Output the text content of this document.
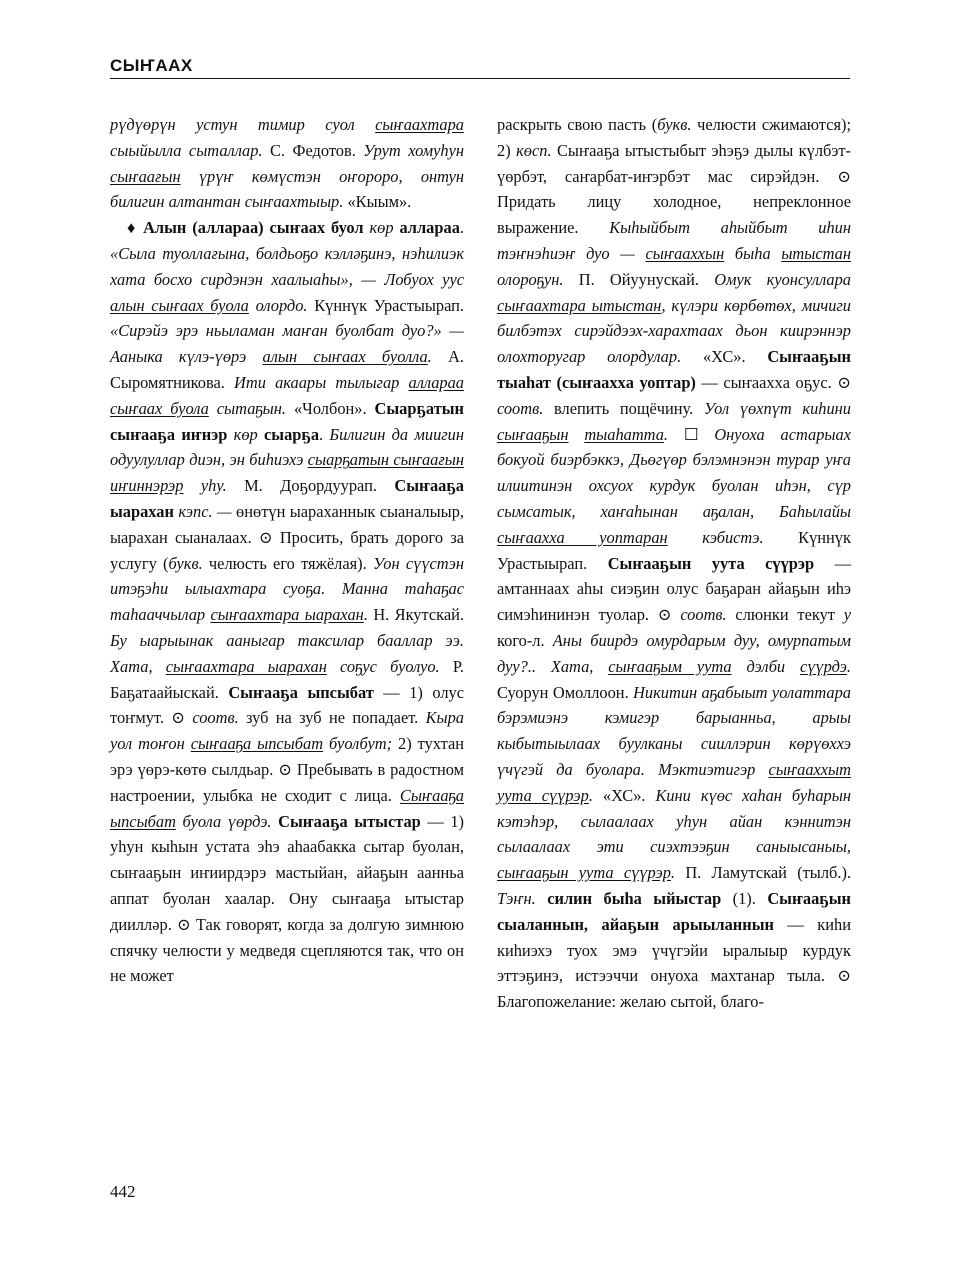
СЫҤААХ

рүдүөрүн устун тимир суол сыҥаахтара сыыйылла сыталлар. С. Федотов. Урут хомуһун сыҥаағын үрүҥ көмүстэн оҥороро, онтун билигин алтантан сыҥаахтыыр. «Кыым».

♦ Алын (алларaa) сыҥаах буол көр алларaa. «Сыла туоллағына, болдьоҕо кэлләҕинэ, нэһилиэк хата босхо сирдэнэн хаалыаhы», — Лобуох уус алын сыҥаах буола олордо. Күннүк Урастыырап. «Сирэйэ эрэ ньыламан маҥан буолбат дуо?» — Ааныка күлэ-үөрэ алын сыҥаах буолла. А. Сыромятникова. Ити акаары тылыгар алларaa сыҥаах буола сытаҕын. «Чолбон». Сыарҕатын сыҥааҕа иҥнэр көр сыарҕа. Билигин да миигин одуулуллар диэн, эн биһиэхэ сыарҕатын сыҥаағын иҥиннэрэр уһу. М. Доҕордуурап. Сыҥааҕа ыарахан кэпс. — өнөтүн ыараханнык сыаналыыр, ыарахан сыаналаах. ⊙ Просить, брать дорого за услугу (букв. челюсть его тяжёлая). Уон сүүстэн итэҕэһи ылыахтара суоҕа. Манна таһаҕас таһааччылар сыҥаахтара ыарахан. Н. Якутскай. Бу ыарыынак ааныгар таксилар бааллар ээ. Хата, сыҥаахтара ыарахан соҕус буолуо. Р. Баҕатаайыскай. Сыҥааҕа ыпсыбат — 1) олус тоҥмут. ⊙ соотв. зуб на зуб не попадает. Кыра уол тоҥон сыҥааҕа ыпсыбат буолбут; 2) тухтан эрэ үөрэ-көтө сылдьар. ⊙ Пребывать в радостном настроении, улыбка не сходит с лица. Сыҥааҕа ыпсыбат буола үөрдэ. Сыҥааҕа ытыстар — 1) уһун кыһын устата эһэ аһаабакка сытар буолан, сыҥааҕын иҥиирдэрэ мастыйан, айаҕын аанньа аппат буолан хаалар. Ону сыҥааҕа ытыстар диилләр. ⊙ Так говорят, когда за долгую зимнюю спячку челюсти у медведя сцепляются так, что он не может

раскрыть свою пасть (букв. челюсти сжимаются); 2) көсп. Сыҥааҕа ытыстыбыт эһэҕэ дылы күлбэт-үөрбэт, саҥарбат-иҥэрбэт мас сирэйдэн. ⊙ Придать лицу холодное, непреклонное выражение. Кыһыйбыт аһыйбыт иһин тэҥнэһиэҥ дуо — сыҥааххын быһа ытыстан олороҕун. П. Ойуунускай. Омук куонсуллара сыҥаахтара ытыстан, күлэри көрбөтөх, мичиги билбэтэх сирэйдээх-харахтаах дьон киирэннэр олохторугар олордулар. «ХС». Сыҥааҕын тыаһат (сыҥааххa уоптар) — сыҥааххa оҕус. ⊙ соотв. влепить пощёчину. Уол үөхпүт киһини сыҥааҕын тыаһатта. ☐ Онуоха астарыах бокуой биэрбэккэ, Дьөгүөр бэлэмнэнэн турар уҥа илиитинэн охсуох курдук буолан иһэн, сүр сымсатык, хаҥаһынан аҕалан, Баһылайы сыҥааххa уоптаран кэбистэ. Күннүк Урастыырап. Сыҥааҕын уута сүүрэр — амтаннаах аһы сиэҕин олус баҕаран айаҕын иһэ симэһининэн туолар. ⊙ соотв. слюнки текут у кого-л. Аны биирдэ омурдарым дуу, омурпатым дуу?.. Хата, сыҥааҕым уута дэлби сүүрдэ. Суорун Омоллоон. Никитин аҕабыыт уолаттара бэрэмиэнэ кэмигэр барыанньа, арыы кыбытыылаах буулканы сииллэрин көрүөххэ үчүгэй да буолара. Мэктиэтигэр сыҥааххыт уута сүүрэр. «ХС». Кини күөс хаһан буһарын кэтэһэр, сылаалаах уһун айан кэннитэн сылаалаах эти сиэхтээҕин саныысаныы, сыҥааҕын уута сүүрэр. П. Ламутскай (тылб.). Тэҥн. силин быһа ыйыстар (1). Сыҥааҕын сыаланнын, айаҕын арыыланнын — киһи киһиэхэ туох эмэ үчүгэйи ыралыыр курдук эттэҕинэ, истээччи онуоха махтанар тыла. ⊙ Благопожелание: желаю сытой, благо-

442
